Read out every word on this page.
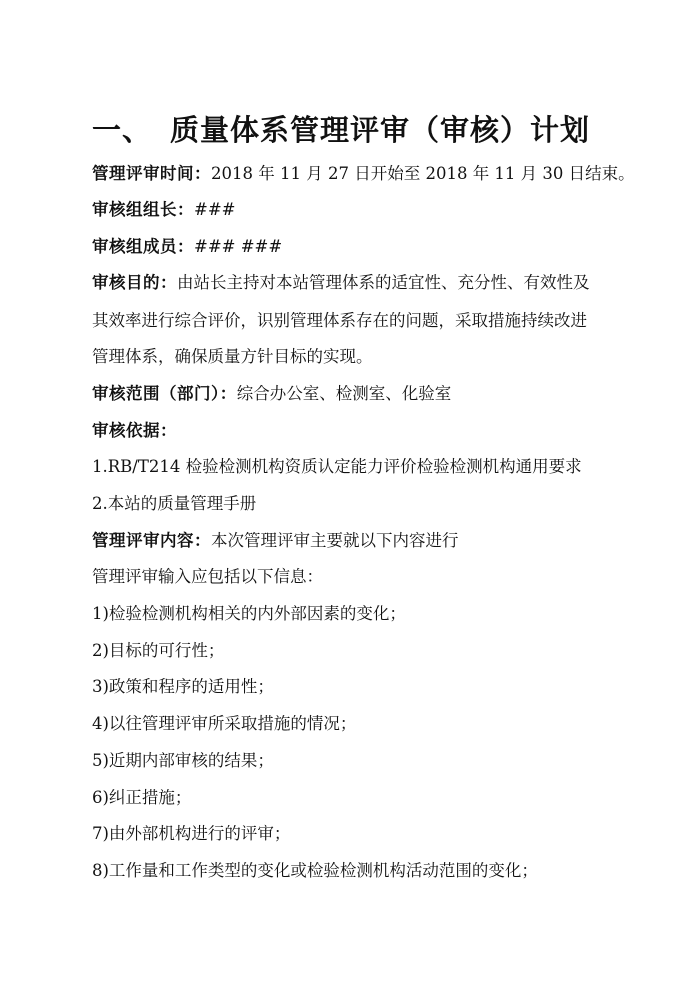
一、 质量体系管理评审（审核）计划
管理评审时间：2018 年 11 月 27 日开始至 2018 年 11 月 30 日结束。
审核组组长：###
审核组成员：### ###
审核目的：由站长主持对本站管理体系的适宜性、充分性、有效性及
其效率进行综合评价，识别管理体系存在的问题，采取措施持续改进
管理体系，确保质量方针目标的实现。
审核范围（部门）：综合办公室、检测室、化验室
审核依据：
1.RB/T214 检验检测机构资质认定能力评价检验检测机构通用要求
2.本站的质量管理手册
管理评审内容：本次管理评审主要就以下内容进行
管理评审输入应包括以下信息：
1)检验检测机构相关的内外部因素的变化；
2)目标的可行性；
3)政策和程序的适用性；
4)以往管理评审所采取措施的情况；
5)近期内部审核的结果；
6)纠正措施；
7)由外部机构进行的评审；
8)工作量和工作类型的变化或检验检测机构活动范围的变化；
